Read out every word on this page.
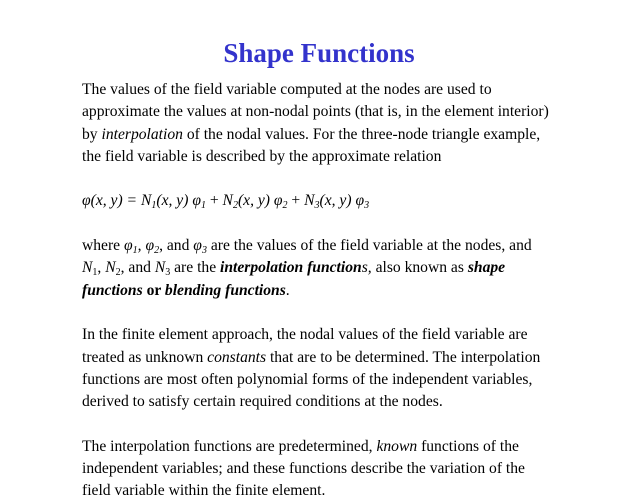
Shape Functions
The values of the field variable computed at the nodes are used to
approximate the values at non-nodal points (that is, in the element interior)
by interpolation of the nodal values. For the three-node triangle example,
the field variable is described by the approximate relation
φ(x, $y) = N_1(x$, y) $\varphi_1 + N_2(x$, y) $\varphi_2 + N_3(x$, y) $\varphi_3$
where $\varphi_1$, $\varphi_2$, and $\varphi_3$ are the values of the field variable at the nodes, and
$N_1$, $N_2$, and $N_3$ are the interpolation functions, also known as shape
functions or blending functions.
In the finite element approach, the nodal values of the field variable are
treated as unknown constants that are to be determined. The interpolation
functions are most often polynomial forms of the independent variables,
derived to satisfy certain required conditions at the nodes.
The interpolation functions are predetermined, known functions of the
independent variables; and these functions describe the variation of the
field variable within the finite element.
